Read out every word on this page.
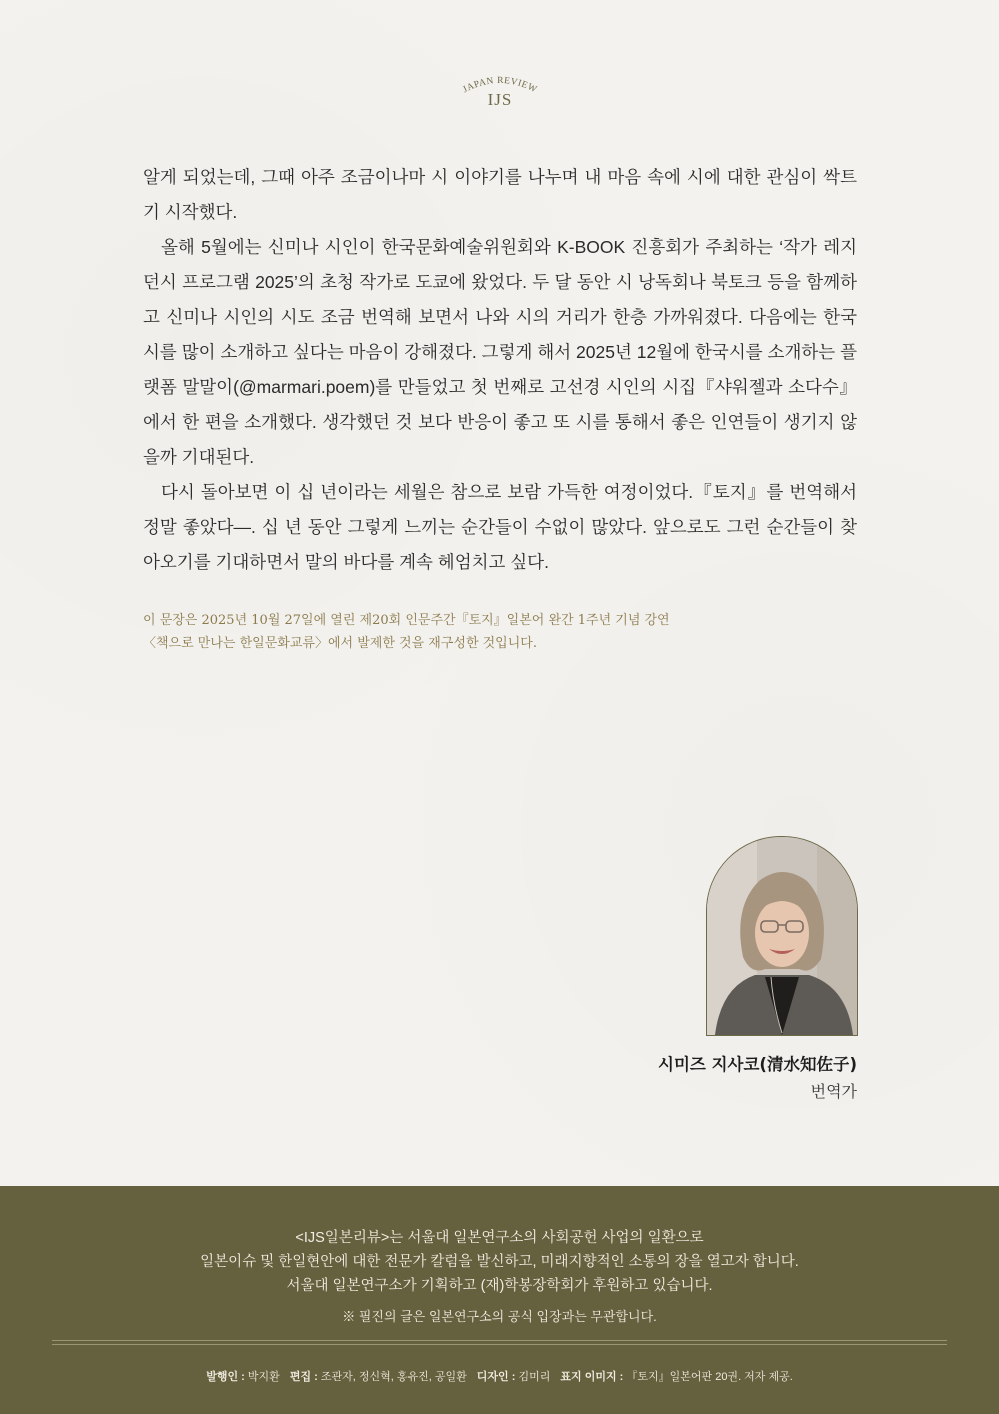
JAPAN REVIEW
IJS

알게 되었는데, 그때 아주 조금이나마 시 이야기를 나누며 내 마음 속에 시에 대한 관심이 싹트기 시작했다.

올해 5월에는 신미나 시인이 한국문화예술위원회와 K-BOOK 진흥회가 주최하는 ‘작가 레지던시 프로그램 2025’의 초청 작가로 도쿄에 왔었다. 두 달 동안 시 낭독회나 북토크 등을 함께하고 신미나 시인의 시도 조금 번역해 보면서 나와 시의 거리가 한층 가까워졌다. 다음에는 한국 시를 많이 소개하고 싶다는 마음이 강해졌다. 그렇게 해서 2025년 12월에 한국시를 소개하는 플랫폼 말말이(@marmari.poem)를 만들었고 첫 번째로 고선경 시인의 시집『샤워젤과 소다수』에서 한 편을 소개했다. 생각했던 것 보다 반응이 좋고 또 시를 통해서 좋은 인연들이 생기지 않을까 기대된다.

다시 돌아보면 이 십 년이라는 세월은 참으로 보람 가득한 여정이었다.『토지』를 번역해서 정말 좋았다―. 십 년 동안 그렇게 느끼는 순간들이 수없이 많았다. 앞으로도 그런 순간들이 찾아오기를 기대하면서 말의 바다를 계속 헤엄치고 싶다.

이 문장은 2025년 10월 27일에 열린 제20회 인문주간『토지』일본어 완간 1주년 기념 강연
〈책으로 만나는 한일문화교류〉에서 발제한 것을 재구성한 것입니다.
시미즈 지사코(清水知佐子)
번역가
<IJS일본리뷰>는 서울대 일본연구소의 사회공헌 사업의 일환으로
일본이슈 및 한일현안에 대한 전문가 칼럼을 발신하고, 미래지향적인 소통의 장을 열고자 합니다.
서울대 일본연구소가 기획하고 (재)학봉장학회가 후원하고 있습니다.
※ 필진의 글은 일본연구소의 공식 입장과는 무관합니다.
발행인 : 박지환 편집 : 조관자, 정신혁, 홍유진, 공일환 디자인 : 김미리 표지 이미지 : 『토지』일본어판 20권. 저자 제공.
